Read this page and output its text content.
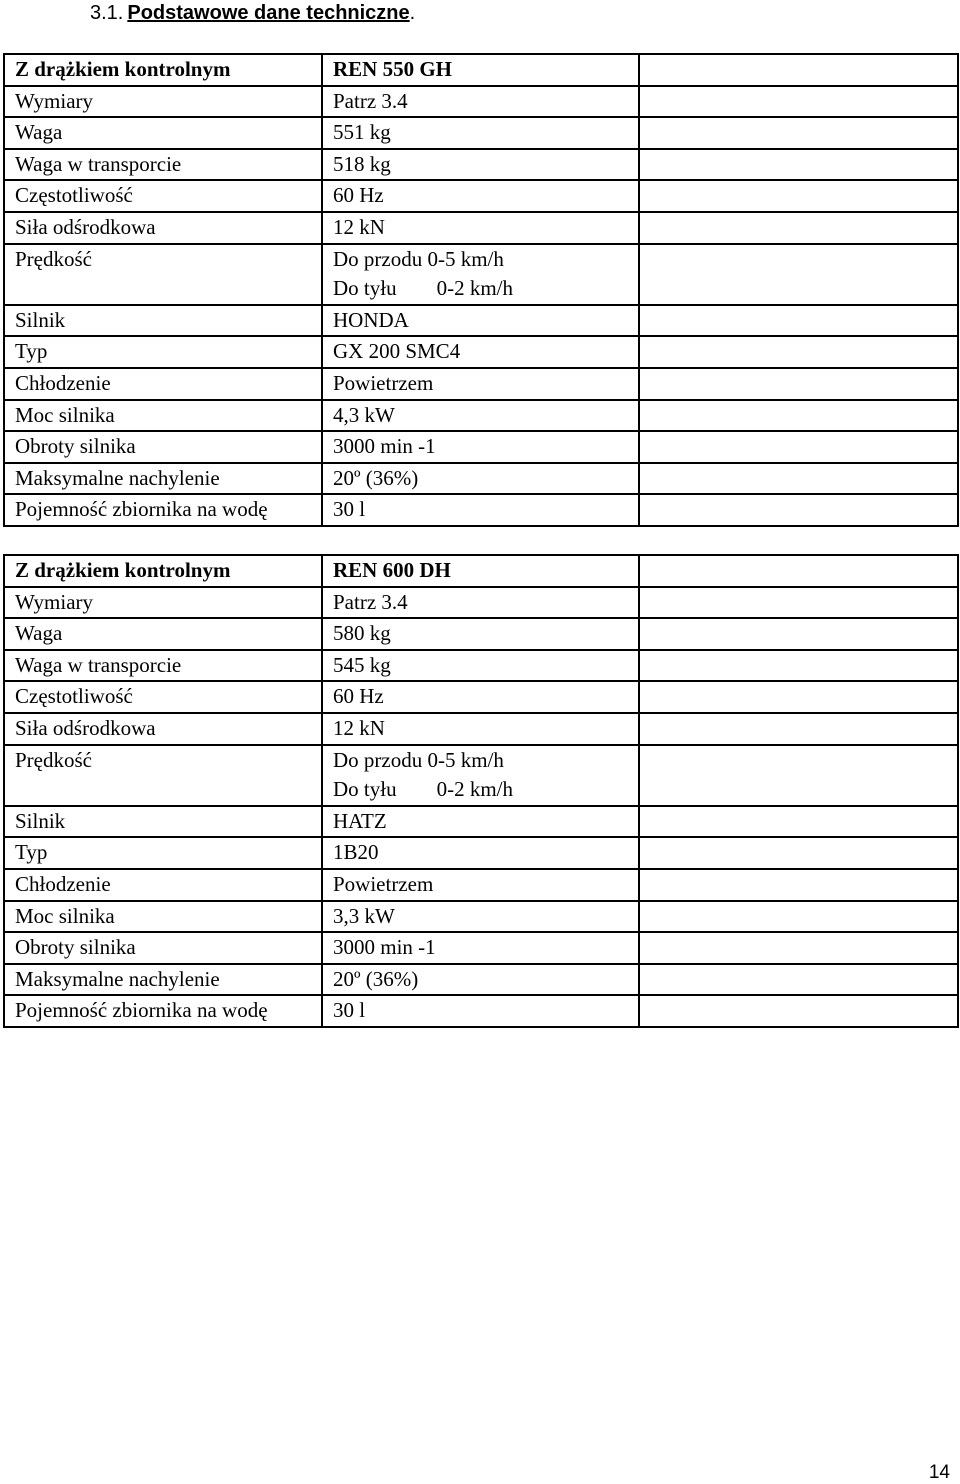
3.1. Podstawowe dane techniczne.
Z drążkiem kontrolnym	REN 550 GH	
Wymiary	Patrz 3.4	
Waga	551 kg	
Waga w transporcie	518 kg	
Częstotliwość	60 Hz	
Siła odśrodkowa	12 kN	
Prędkość	Do przodu 0-5 km/h
Do tyłu 0-2 km/h	

Silnik	HONDA	
Typ	GX 200 SMC4	
Chłodzenie	Powietrzem	
Moc silnika	4,3 kW	
Obroty silnika	3000 min -1	
Maksymalne nachylenie	20º (36%)	
Pojemność zbiornika na wodę	30 l	
Z drążkiem kontrolnym	REN 600 DH	
Wymiary	Patrz 3.4	
Waga	580 kg	
Waga w transporcie	545 kg	
Częstotliwość	60 Hz	
Siła odśrodkowa	12 kN	
Prędkość	Do przodu 0-5 km/h
Do tyłu 0-2 km/h	

Silnik	HATZ	
Typ	1B20	
Chłodzenie	Powietrzem	
Moc silnika	3,3 kW	
Obroty silnika	3000 min -1	
Maksymalne nachylenie	20º (36%)	
Pojemność zbiornika na wodę	30 l	
14
